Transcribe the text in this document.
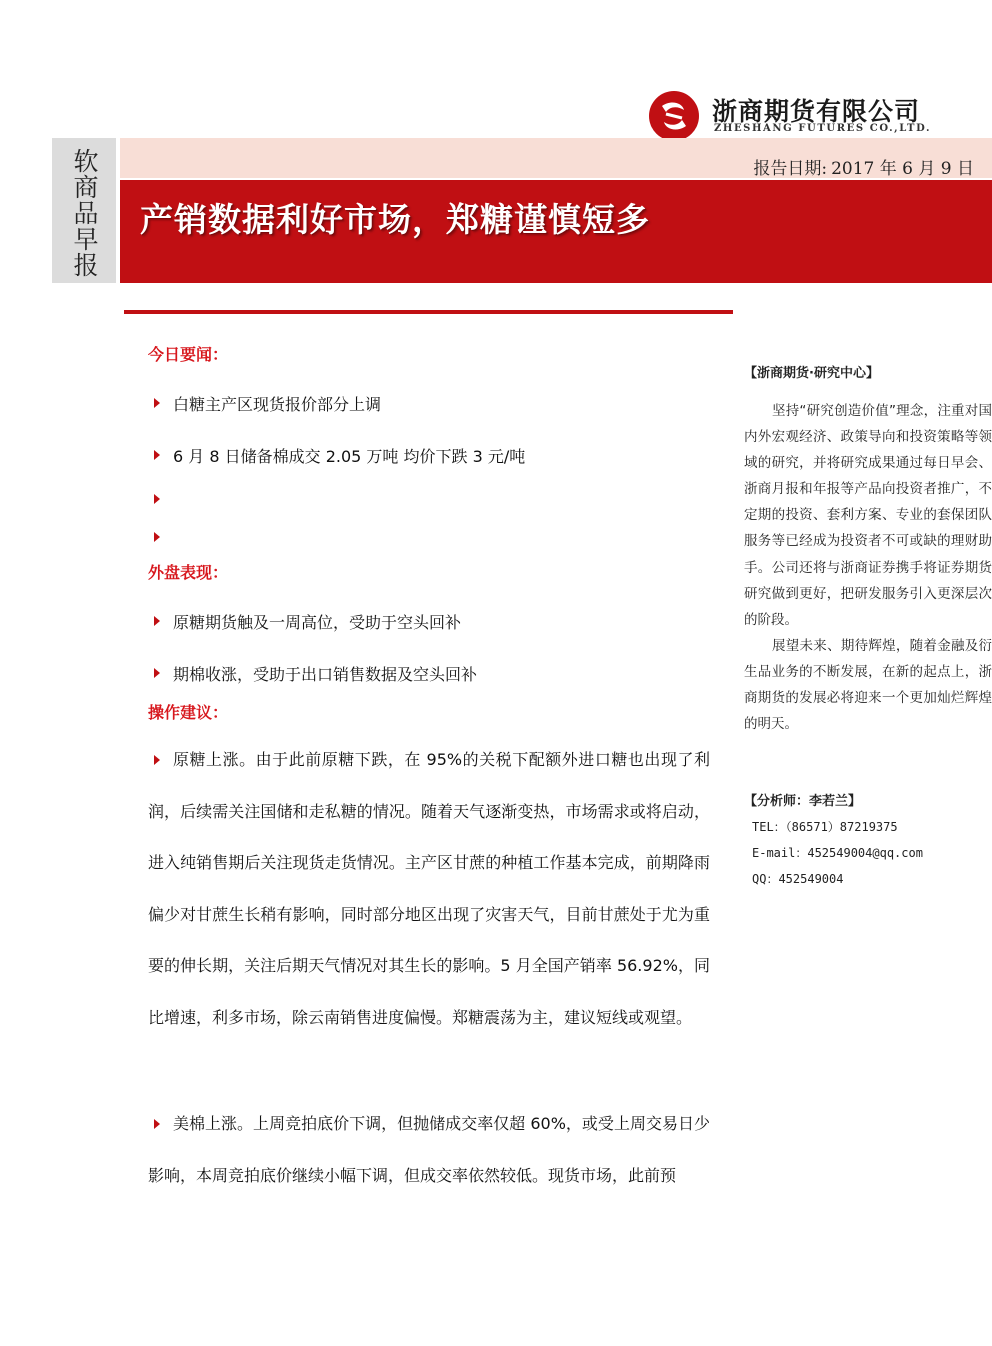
浙商期货有限公司
ZHESHANG FUTURES CO.,LTD.
软商品早报	报告日期: 2017 年 6 月 9 日
产销数据利好市场，郑糖谨慎短多
今日要闻：
白糖主产区现货报价部分上调
6 月 8 日储备棉成交 2.05 万吨 均价下跌 3 元/吨
外盘表现：
原糖期货触及一周高位，受助于空头回补
期棉收涨，受助于出口销售数据及空头回补
操作建议：

原糖上涨。由于此前原糖下跌，在 95%的关税下配额外进口糖也出现了利润，后续需关注国储和走私糖的情况。随着天气逐渐变热，市场需求或将启动，进入纯销售期后关注现货走货情况。主产区甘蔗的种植工作基本完成，前期降雨偏少对甘蔗生长稍有影响，同时部分地区出现了灾害天气，目前甘蔗处于尤为重要的伸长期，关注后期天气情况对其生长的影响。5 月全国产销率 56.92%，同比增速，利多市场，除云南销售进度偏慢。郑糖震荡为主，建议短线或观望。

美棉上涨。上周竞拍底价下调，但抛储成交率仅超 60%，或受上周交易日少影响，本周竞拍底价继续小幅下调，但成交率依然较低。现货市场，此前预

【浙商期货·研究中心】

坚持“研究创造价值”理念，注重对国内外宏观经济、政策导向和投资策略等领域的研究，并将研究成果通过每日早会、浙商月报和年报等产品向投资者推广，不定期的投资、套利方案、专业的套保团队服务等已经成为投资者不可或缺的理财助手。公司还将与浙商证券携手将证券期货研究做到更好，把研发服务引入更深层次的阶段。

展望未来、期待辉煌，随着金融及衍生品业务的不断发展，在新的起点上，浙商期货的发展必将迎来一个更加灿烂辉煌的明天。

【分析师：李若兰】

TEL：（86571）87219375

E-mail：452549004@qq.com

QQ：452549004
